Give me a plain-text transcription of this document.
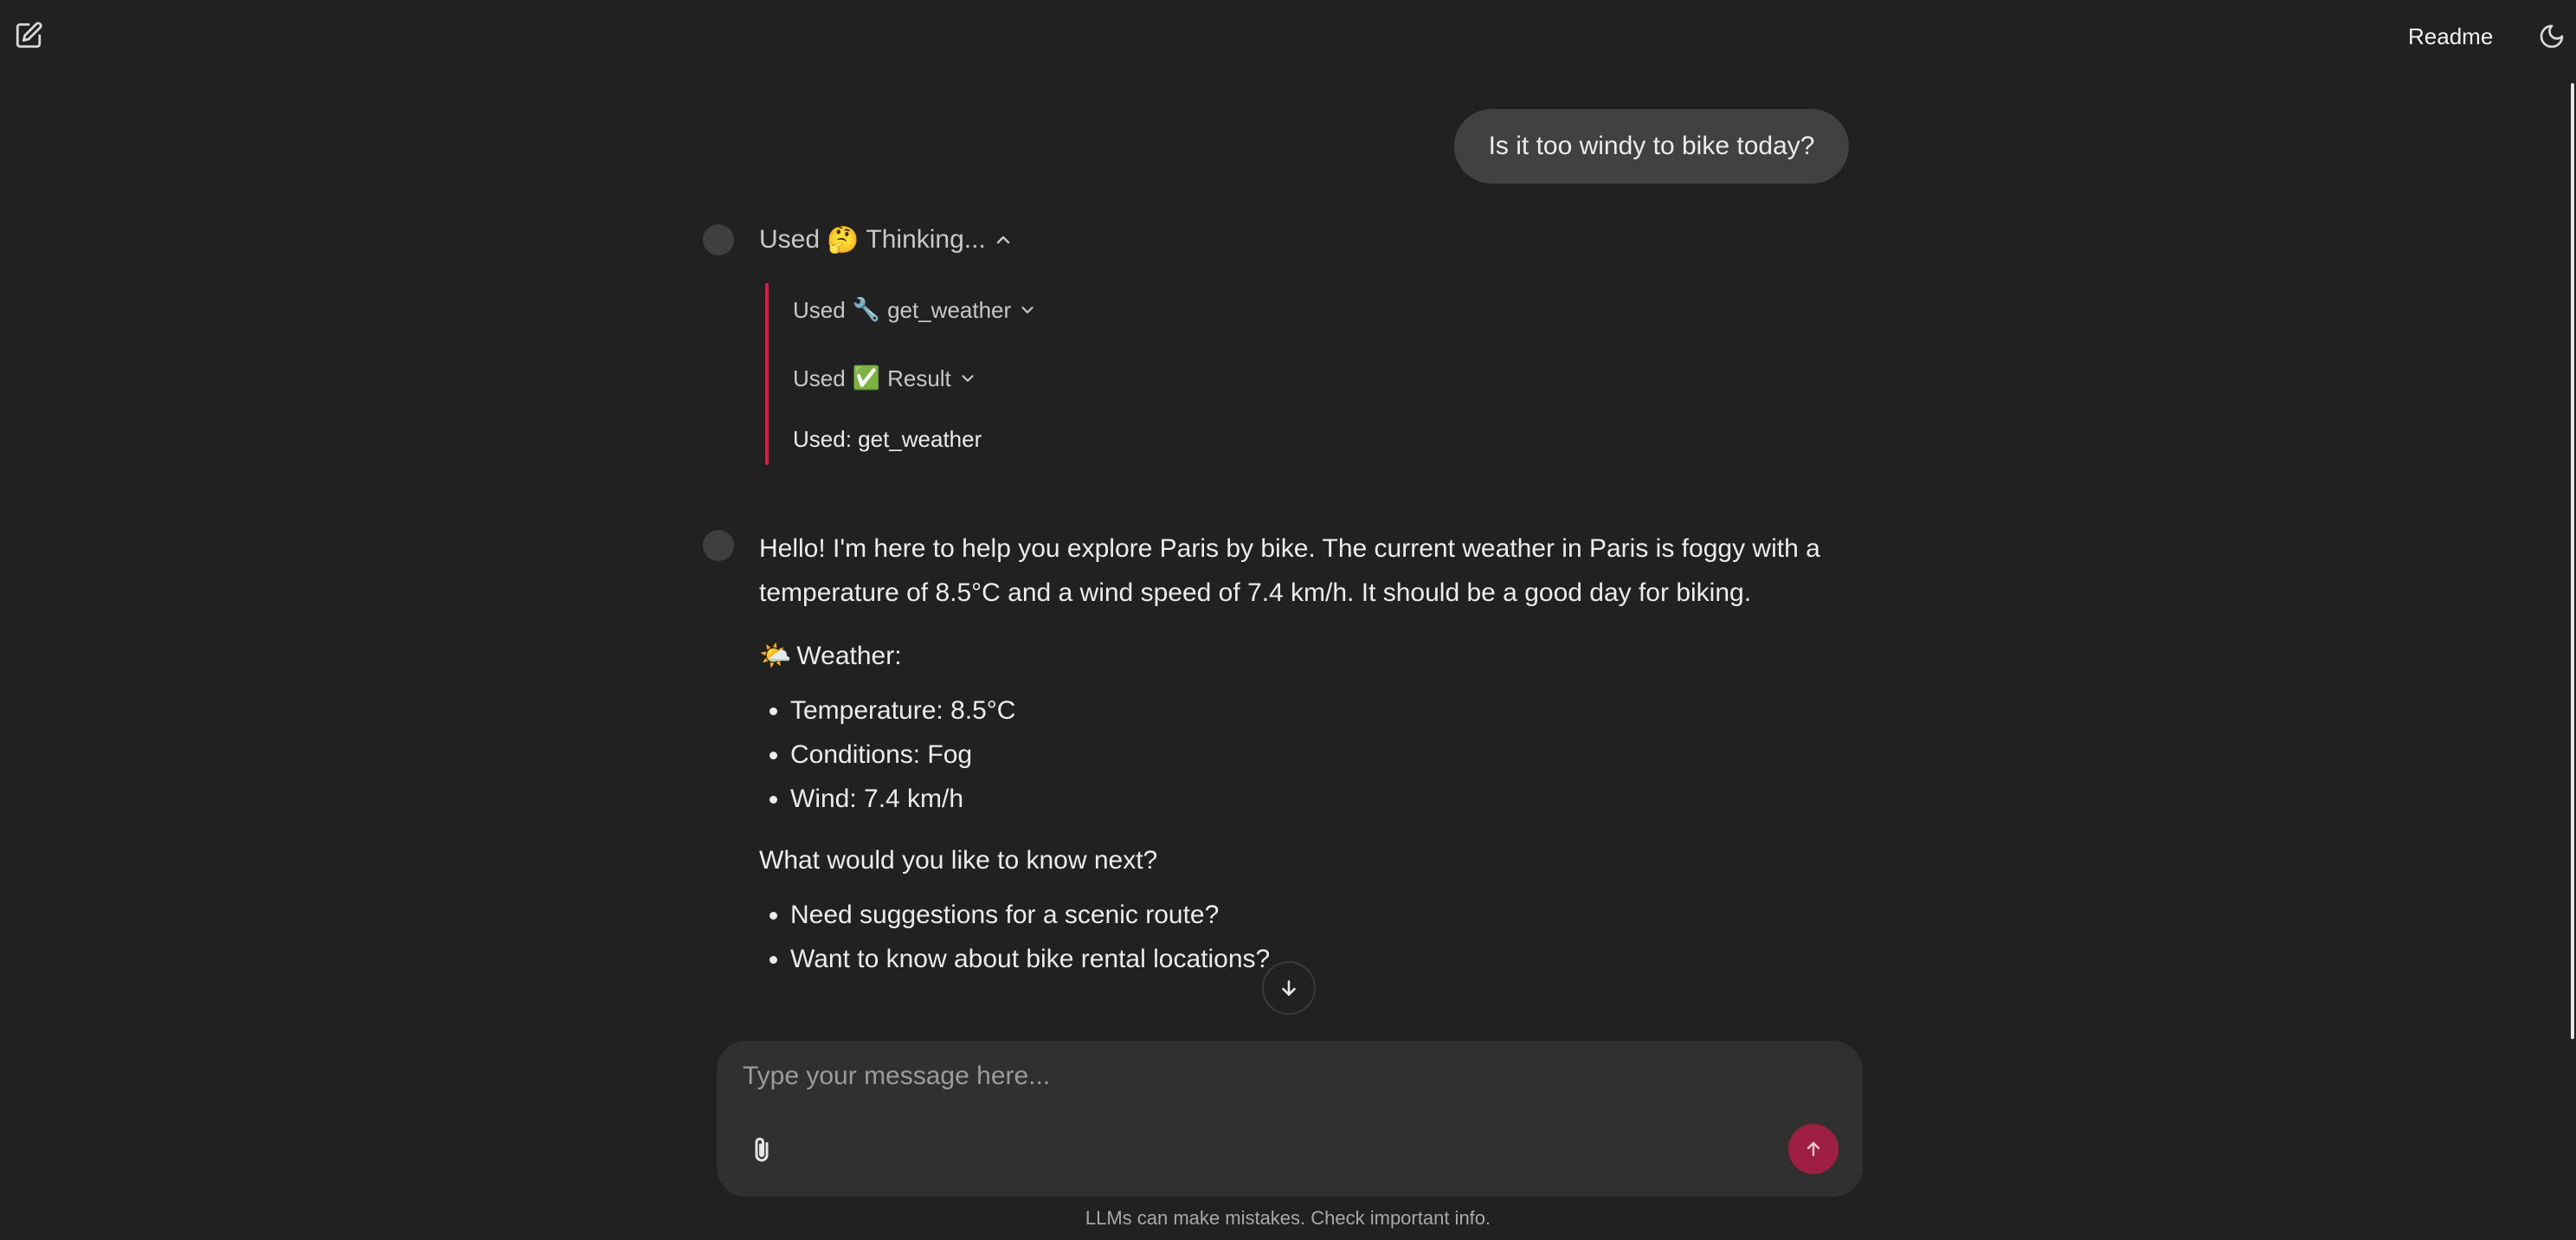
Readme
Is it too windy to bike today?
Used 🤔 Thinking...
Used 🔧 get_weather
Used ✅ Result
Used: get_weather

Hello! I'm here to help you explore Paris by bike. The current weather in Paris is foggy with a temperature of 8.5°C and a wind speed of 7.4 km/h. It should be a good day for biking.

🌤️ Weather:

• Temperature: 8.5°C
• Conditions: Fog
• Wind: 7.4 km/h

What would you like to know next?

• Need suggestions for a scenic route?
• Want to know about bike rental locations?
Type your message here...
LLMs can make mistakes. Check important info.
